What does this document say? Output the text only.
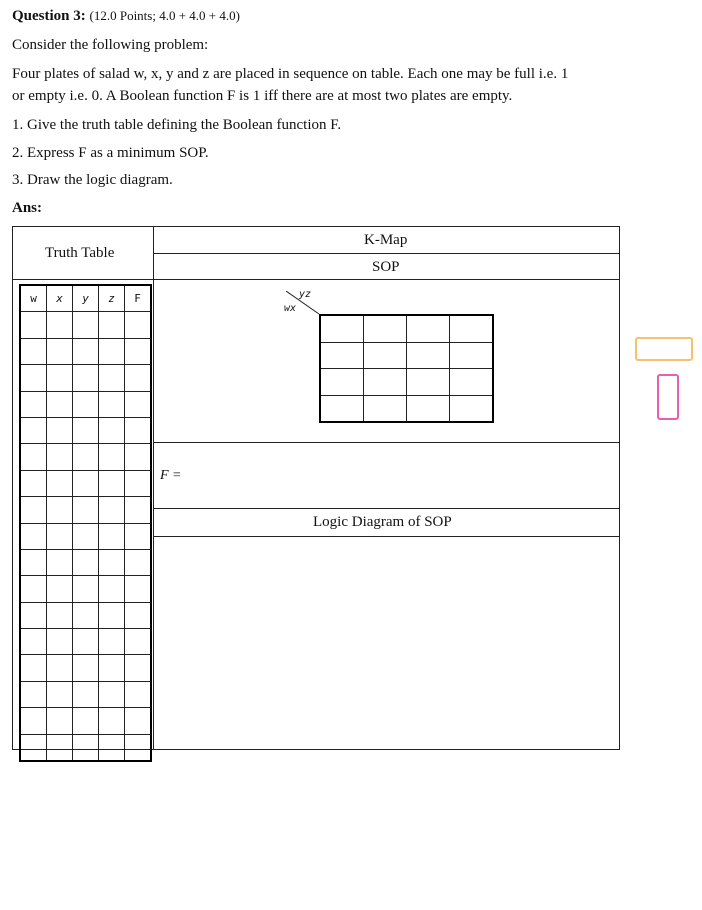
Question 3: (12.0 Points; 4.0 + 4.0 + 4.0)
Consider the following problem:
Four plates of salad w, x, y and z are placed in sequence on table. Each one may be full i.e. 1
or empty i.e. 0. A Boolean function F is 1 iff there are at most two plates are empty.
1. Give the truth table defining the Boolean function F.
2. Express F as a minimum SOP.
3. Draw the logic diagram.
Ans:
Truth Table
K-Map
SOP
F =
Logic Diagram of SOP
w	x	y	z	F

					yz
wx
